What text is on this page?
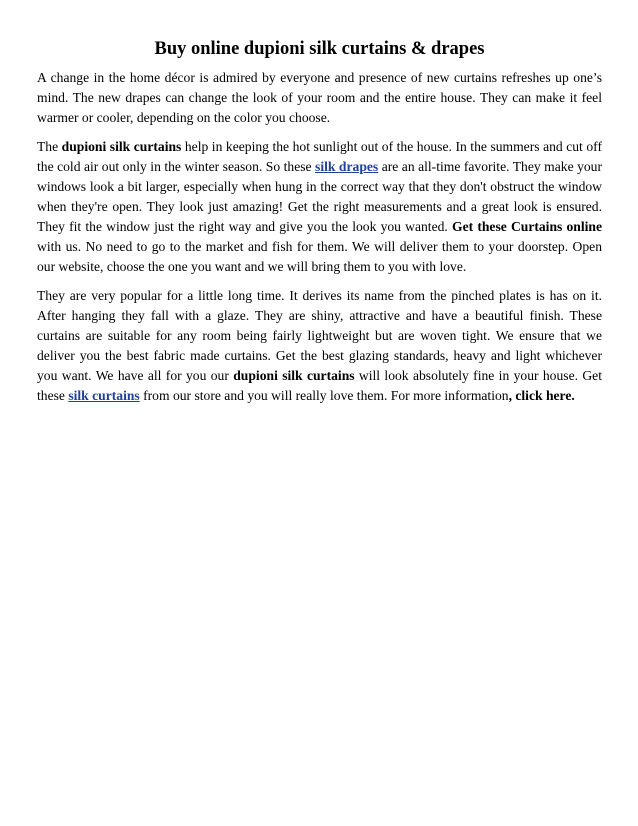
Buy online dupioni silk curtains & drapes

A change in the home décor is admired by everyone and presence of new curtains refreshes up one’s mind. The new drapes can change the look of your room and the entire house. They can make it feel warmer or cooler, depending on the color you choose.

The dupioni silk curtains help in keeping the hot sunlight out of the house. In the summers and cut off the cold air out only in the winter season. So these silk drapes are an all-time favorite. They make your windows look a bit larger, especially when hung in the correct way that they don't obstruct the window when they're open. They look just amazing! Get the right measurements and a great look is ensured. They fit the window just the right way and give you the look you wanted. Get these Curtains online with us. No need to go to the market and fish for them. We will deliver them to your doorstep. Open our website, choose the one you want and we will bring them to you with love.

They are very popular for a little long time. It derives its name from the pinched plates is has on it. After hanging they fall with a glaze. They are shiny, attractive and have a beautiful finish. These curtains are suitable for any room being fairly lightweight but are woven tight. We ensure that we deliver you the best fabric made curtains. Get the best glazing standards, heavy and light whichever you want. We have all for you our dupioni silk curtains will look absolutely fine in your house. Get these silk curtains from our store and you will really love them. For more information, click here.
